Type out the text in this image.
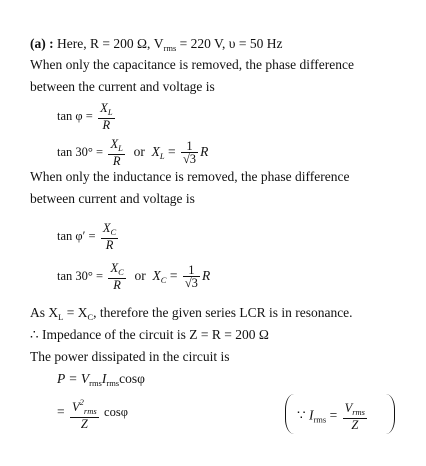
(a) : Here, R = 200 Ω, $V_{rms} = 220$ V, υ = 50 Hz
When only the capacitance is removed, the phase difference
between the current and voltage is
$\tan \varphi = \frac{X_L}{R}$
$\tan 30^\circ = \frac{X_L}{R}$ or $X_L = \frac{1}{√3}$ R
When only the inductance is removed, the phase difference
between current and voltage is
$\tan \varphi' = \frac{X_C}{R}$
$\tan 30^\circ = \frac{X_C}{R}$ or $X_C = \frac{1}{√3}$ R
As $X_L = X_C$, therefore the given series LCR is in resonance.
∴ Impedance of the circuit is Z = R = 200 Ω
The power dissipated in the circuit is
$P = V_{rms}I_{rms}\cos\varphi$
= $\frac{V^2_{rms}}{Z}$ cosφ	∵ $I_{rms} = \frac{V_{rms}}{Z}$
